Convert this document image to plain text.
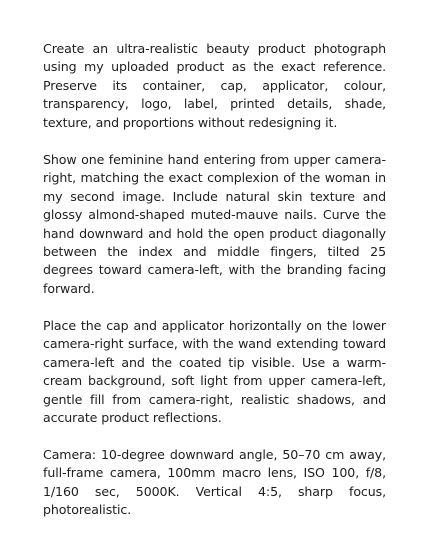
Create an ultra-realistic beauty product photograph using my uploaded product as the exact reference. Preserve its container, cap, applicator, colour, transparency, logo, label, printed details, shade, texture, and proportions without redesigning it.

Show one feminine hand entering from upper camera-right, matching the exact complexion of the woman in my second image. Include natural skin texture and glossy almond-shaped muted-mauve nails. Curve the hand downward and hold the open product diagonally between the index and middle fingers, tilted 25 degrees toward camera-left, with the branding facing forward.

Place the cap and applicator horizontally on the lower camera-right surface, with the wand extending toward camera-left and the coated tip visible. Use a warm-cream background, soft light from upper camera-left, gentle fill from camera-right, realistic shadows, and accurate product reflections.

Camera: 10-degree downward angle, 50–70 cm away, full-frame camera, 100mm macro lens, ISO 100, f/8, 1/160 sec, 5000K. Vertical 4:5, sharp focus, photorealistic.
